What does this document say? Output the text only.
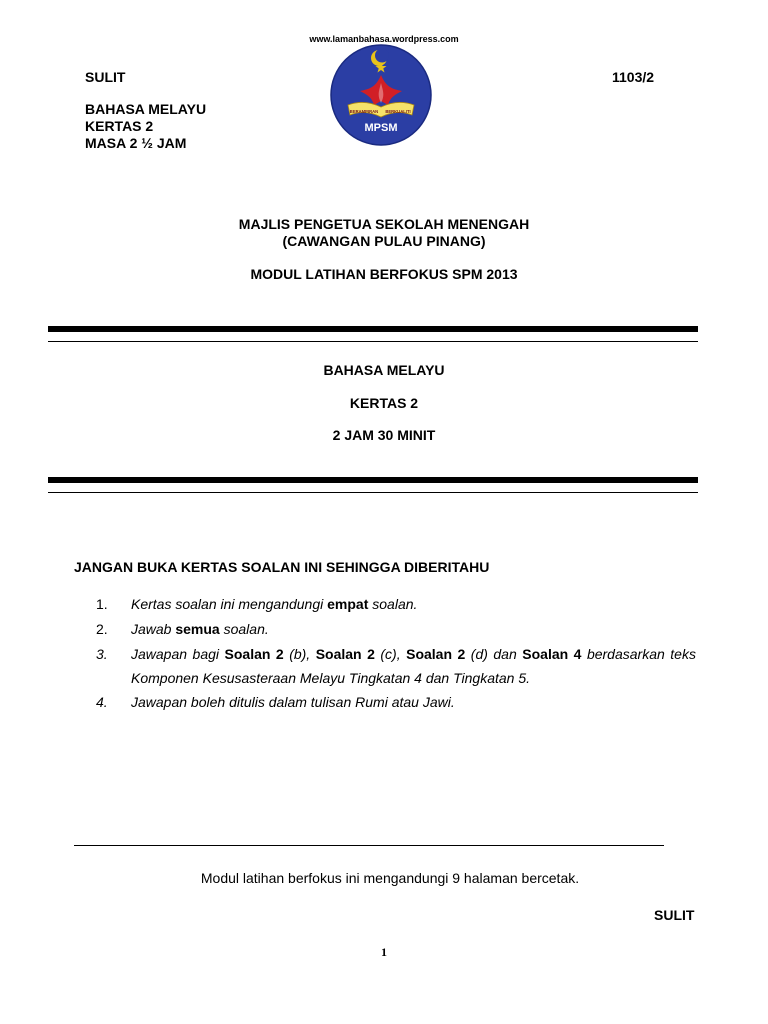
www.lamanbahasa.wordpress.com
SULIT	1103/2
BAHASA MELAYU
KERTAS 2
MASA 2 ½ JAM
BERAMPIRAN BERKUALITI
MPSM
MAJLIS PENGETUA SEKOLAH MENENGAH
(CAWANGAN PULAU PINANG)
MODUL LATIHAN BERFOKUS SPM 2013
BAHASA MELAYU
KERTAS 2
2 JAM 30 MINIT
JANGAN BUKA KERTAS SOALAN INI SEHINGGA DIBERITAHU
1. Kertas soalan ini mengandungi empat soalan.
2. Jawab semua soalan.
3. Jawapan bagi Soalan 2 (b), Soalan 2 (c), Soalan 2 (d) dan Soalan 4 berdasarkan teks
Komponen Kesusasteraan Melayu Tingkatan 4 dan Tingkatan 5.
4. Jawapan boleh ditulis dalam tulisan Rumi atau Jawi.
Modul latihan berfokus ini mengandungi 9 halaman bercetak.
SULIT
1
